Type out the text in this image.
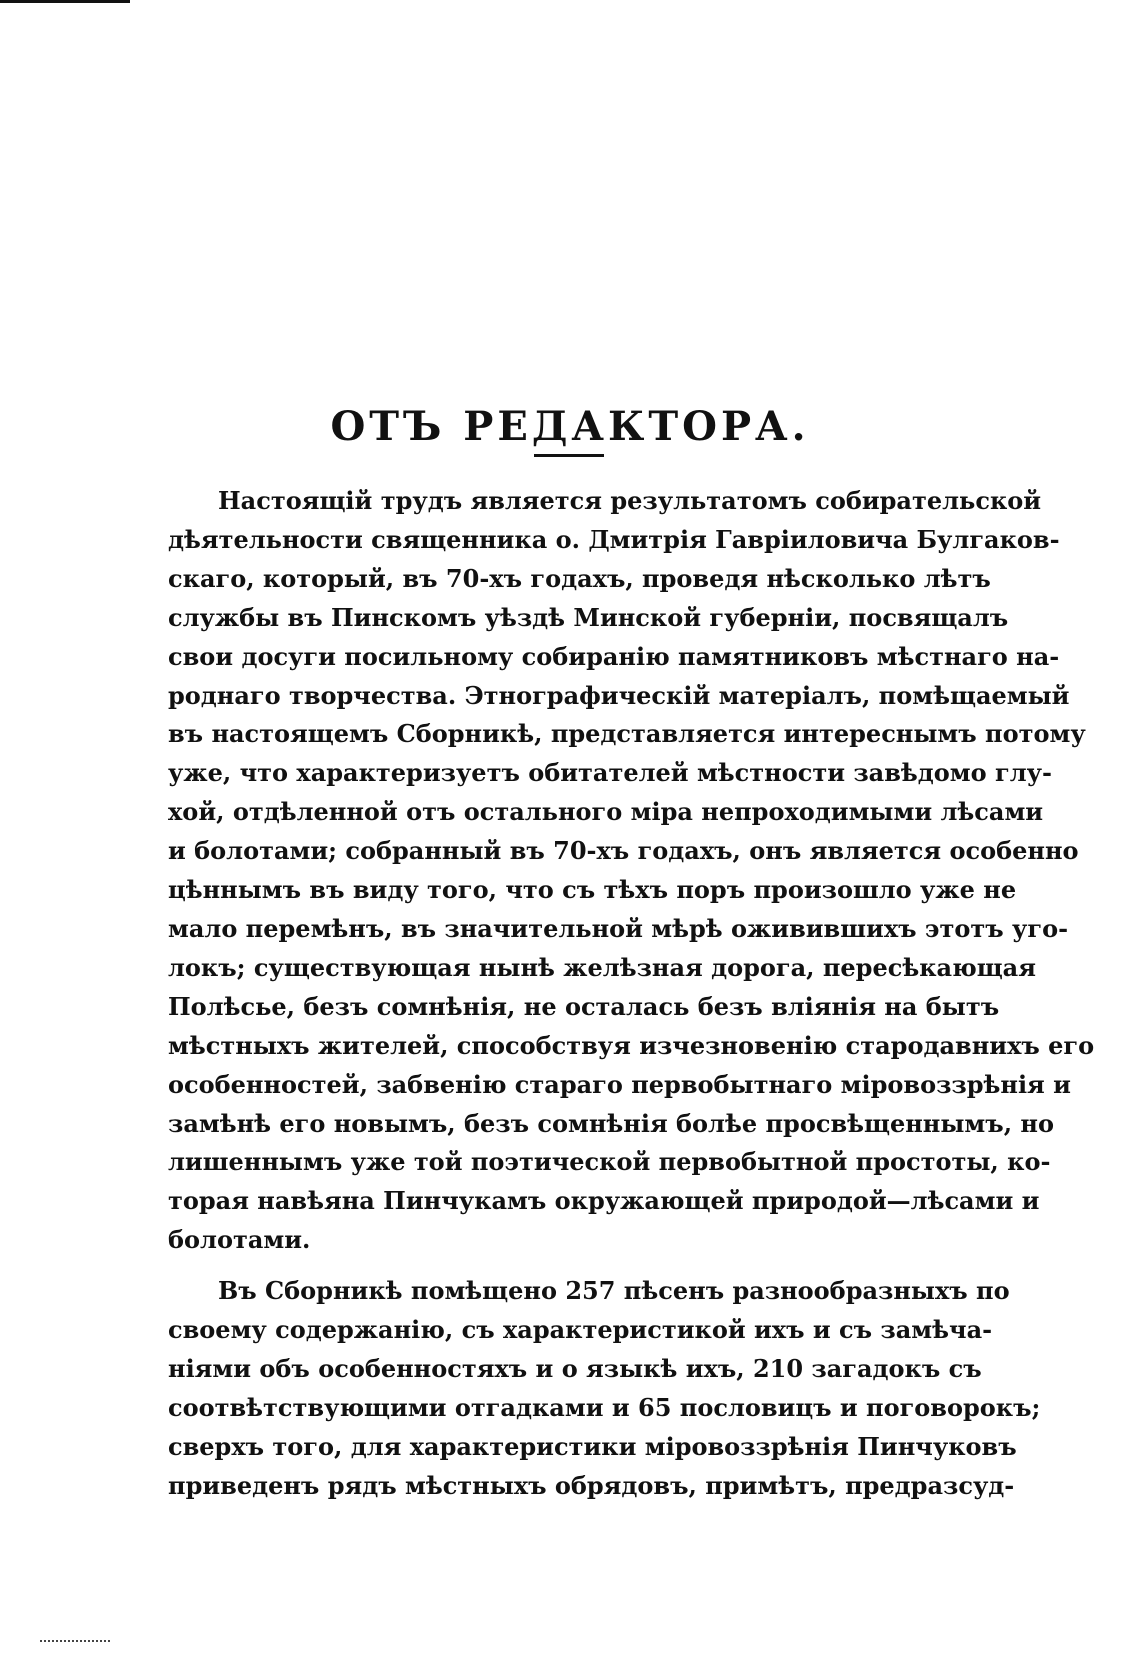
ОТЪ РЕДАКТОРА.
Настоящій трудъ является результатомъ собирательской
дѣятельности священника о. Дмитрія Гавріиловича Булгаков-
скаго, который, въ 70-хъ годахъ, проведя нѣсколько лѣтъ
службы въ Пинскомъ уѣздѣ Минской губерніи, посвящалъ
свои досуги посильному собиранію памятниковъ мѣстнаго на-
роднаго творчества. Этнографическій матеріалъ, помѣщаемый
въ настоящемъ Сборникѣ, представляется интереснымъ потому
уже, что характеризуетъ обитателей мѣстности завѣдомо глу-
хой, отдѣленной отъ остального міра непроходимыми лѣсами
и болотами; собранный въ 70-хъ годахъ, онъ является особенно
цѣннымъ въ виду того, что съ тѣхъ поръ произошло уже не
мало перемѣнъ, въ значительной мѣрѣ оживившихъ этотъ уго-
локъ; существующая нынѣ желѣзная дорога, пересѣкающая
Полѣсье, безъ сомнѣнія, не осталась безъ вліянія на бытъ
мѣстныхъ жителей, способствуя изчезновенію стародавнихъ его
особенностей, забвенію стараго первобытнаго міровоззрѣнія и
замѣнѣ его новымъ, безъ сомнѣнія болѣе просвѣщеннымъ, но
лишеннымъ уже той поэтической первобытной простоты, ко-
торая навѣяна Пинчукамъ окружающей природой—лѣсами и
болотами.
Въ Сборникѣ помѣщено 257 пѣсенъ разнообразныхъ по
своему содержанію, съ характеристикой ихъ и съ замѣча-
ніями объ особенностяхъ и о языкѣ ихъ, 210 загадокъ съ
соотвѣтствующими отгадками и 65 пословицъ и поговорокъ;
сверхъ того, для характеристики міровоззрѣнія Пинчуковъ
приведенъ рядъ мѣстныхъ обрядовъ, примѣтъ, предразсуд-
